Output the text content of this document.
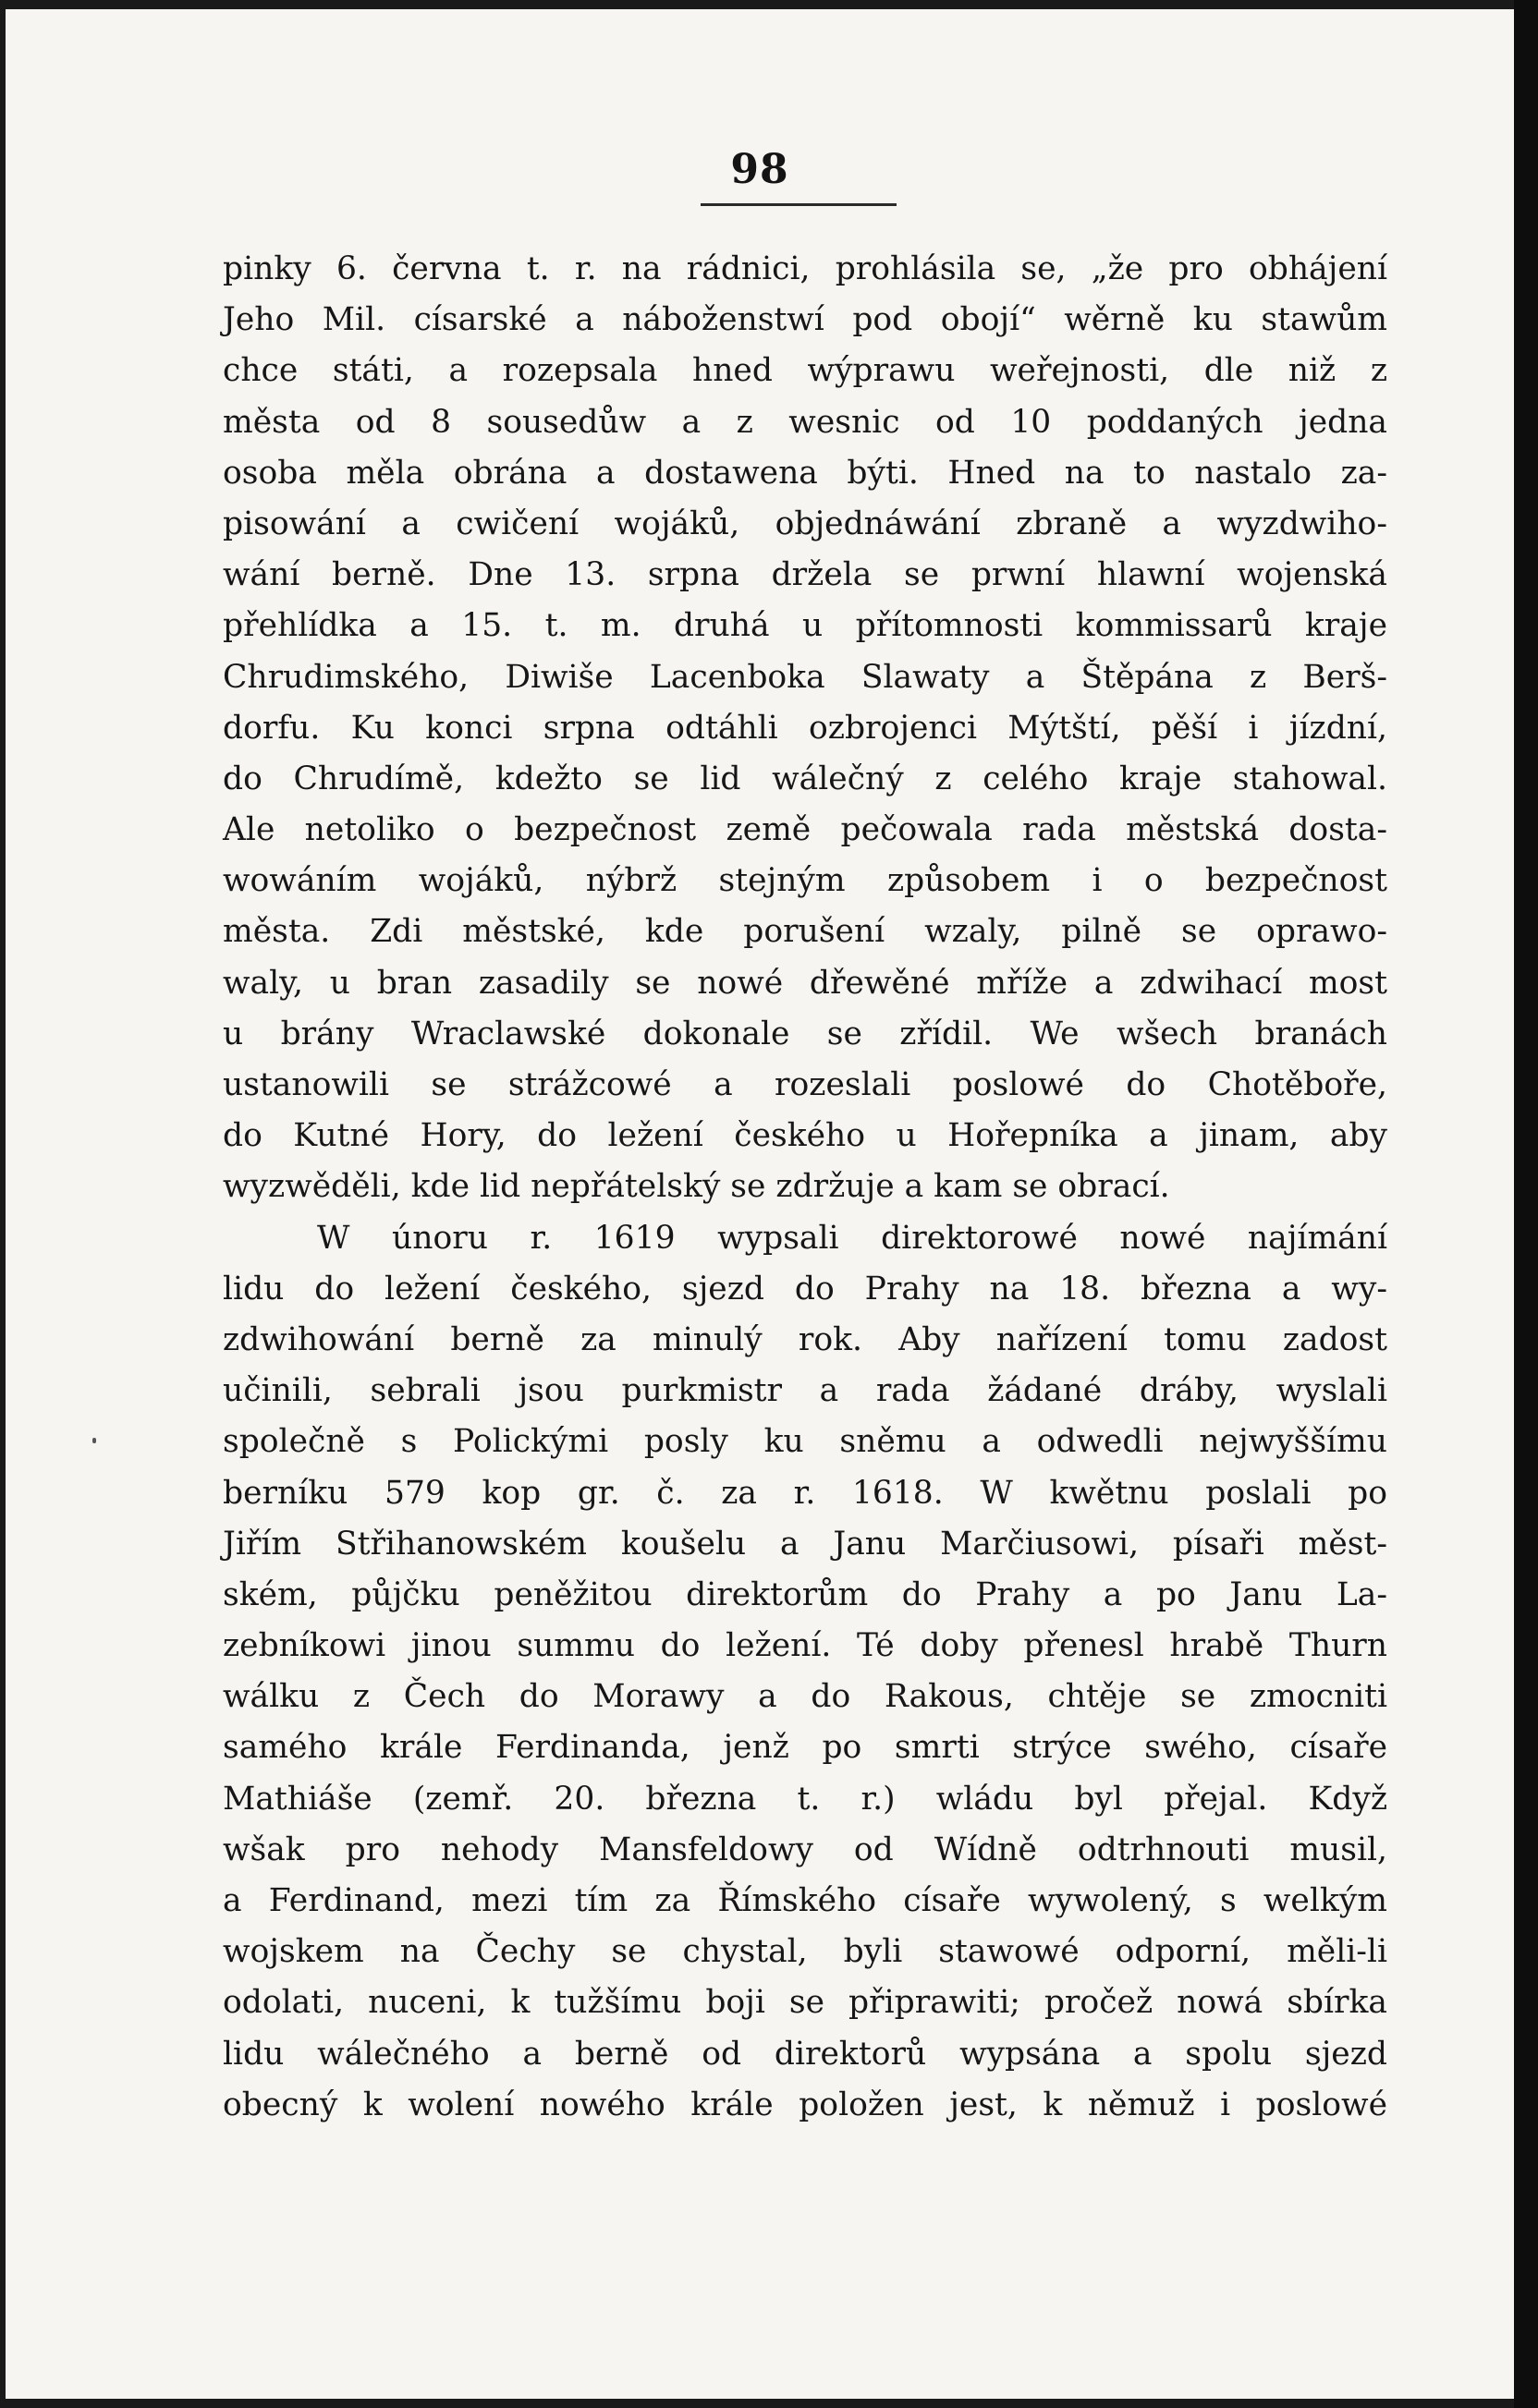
98
pinky 6. června t. r. na rádnici, prohlásila se, „že pro obhájení
Jeho Mil. císarské a náboženstwí pod obojí“ wěrně ku stawům
chce státi, a rozepsala hned wýprawu weřejnosti, dle niž z
města od 8 sousedůw a z wesnic od 10 poddaných jedna
osoba měla obrána a dostawena býti. Hned na to nastalo za-
pisowání a cwičení wojáků, objednáwání zbraně a wyzdwiho-
wání berně. Dne 13. srpna držela se prwní hlawní wojenská
přehlídka a 15. t. m. druhá u přítomnosti kommissarů kraje
Chrudimského, Diwiše Lacenboka Slawaty a Štěpána z Berš-
dorfu. Ku konci srpna odtáhli ozbrojenci Mýtští, pěší i jízdní,
do Chrudímě, kdežto se lid wálečný z celého kraje stahowal.
Ale netoliko o bezpečnost země pečowala rada městská dosta-
wowáním wojáků, nýbrž stejným způsobem i o bezpečnost
města. Zdi městské, kde porušení wzaly, pilně se oprawo-
waly, u bran zasadily se nowé dřewěné mříže a zdwihací most
u brány Wraclawské dokonale se zřídil. We wšech branách
ustanowili se strážcowé a rozeslali poslowé do Chotěboře,
do Kutné Hory, do ležení českého u Hořepníka a jinam, aby
wyzwěděli, kde lid nepřátelský se zdržuje a kam se obrací.
W únoru r. 1619 wypsali direktorowé nowé najímání
lidu do ležení českého, sjezd do Prahy na 18. března a wy-
zdwihowání berně za minulý rok. Aby nařízení tomu zadost
učinili, sebrali jsou purkmistr a rada žádané dráby, wyslali
společně s Polickými posly ku sněmu a odwedli nejwyššímu
berníku 579 kop gr. č. za r. 1618. W kwětnu poslali po
Jiřím Střihanowském koušelu a Janu Marčiusowi, písaři měst-
ském, půjčku peněžitou direktorům do Prahy a po Janu La-
zebníkowi jinou summu do ležení. Té doby přenesl hrabě Thurn
wálku z Čech do Morawy a do Rakous, chtěje se zmocniti
samého krále Ferdinanda, jenž po smrti strýce swého, císaře
Mathiáše (zemř. 20. března t. r.) wládu byl přejal. Když
wšak pro nehody Mansfeldowy od Wídně odtrhnouti musil,
a Ferdinand, mezi tím za Římského císaře wywolený, s welkým
wojskem na Čechy se chystal, byli stawowé odporní, měli-li
odolati, nuceni, k tužšímu boji se připrawiti; pročež nowá sbírka
lidu wálečného a berně od direktorů wypsána a spolu sjezd
obecný k wolení nowého krále položen jest, k němuž i poslowé
